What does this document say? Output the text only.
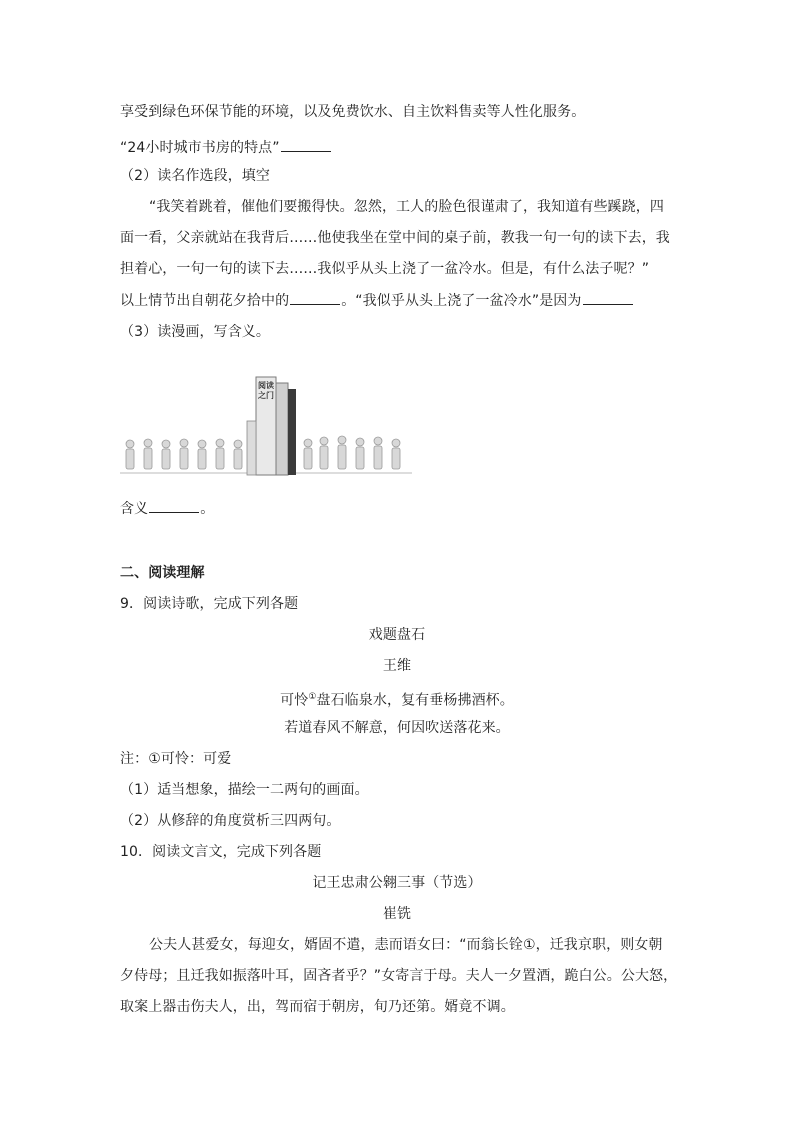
享受到绿色环保节能的环境，以及免费饮水、自主饮料售卖等人性化服务。
“24小时城市书房的特点”
（2）读名作选段，填空
“我笑着跳着，催他们要搬得快。忽然，工人的脸色很谨肃了，我知道有些蹊跷，四
面一看，父亲就站在我背后……他使我坐在堂中间的桌子前，教我一句一句的读下去，我
担着心，一句一句的读下去……我似乎从头上浇了一盆冷水。但是，有什么法子呢？”
以上情节出自朝花夕拾中的	。“我似乎从头上浇了一盆冷水”是因为
（3）读漫画，写含义。
阅读之门
含义	。
二、阅读理解
9．阅读诗歌，完成下列各题
戏题盘石
王维
可怜①盘石临泉水，复有垂杨拂酒杯。
若道春风不解意，何因吹送落花来。
注：①可怜：可爱
（1）适当想象，描绘一二两句的画面。
（2）从修辞的角度赏析三四两句。
10．阅读文言文，完成下列各题
记王忠肃公翱三事（节选）
崔铣
公夫人甚爱女，每迎女，婿固不遣，恚而语女曰：“而翁长铨①，迁我京职，则女朝
夕侍母；且迁我如振落叶耳，固吝者乎？”女寄言于母。夫人一夕置酒，跪白公。公大怒，
取案上器击伤夫人，出，驾而宿于朝房，旬乃还第。婿竟不调。
